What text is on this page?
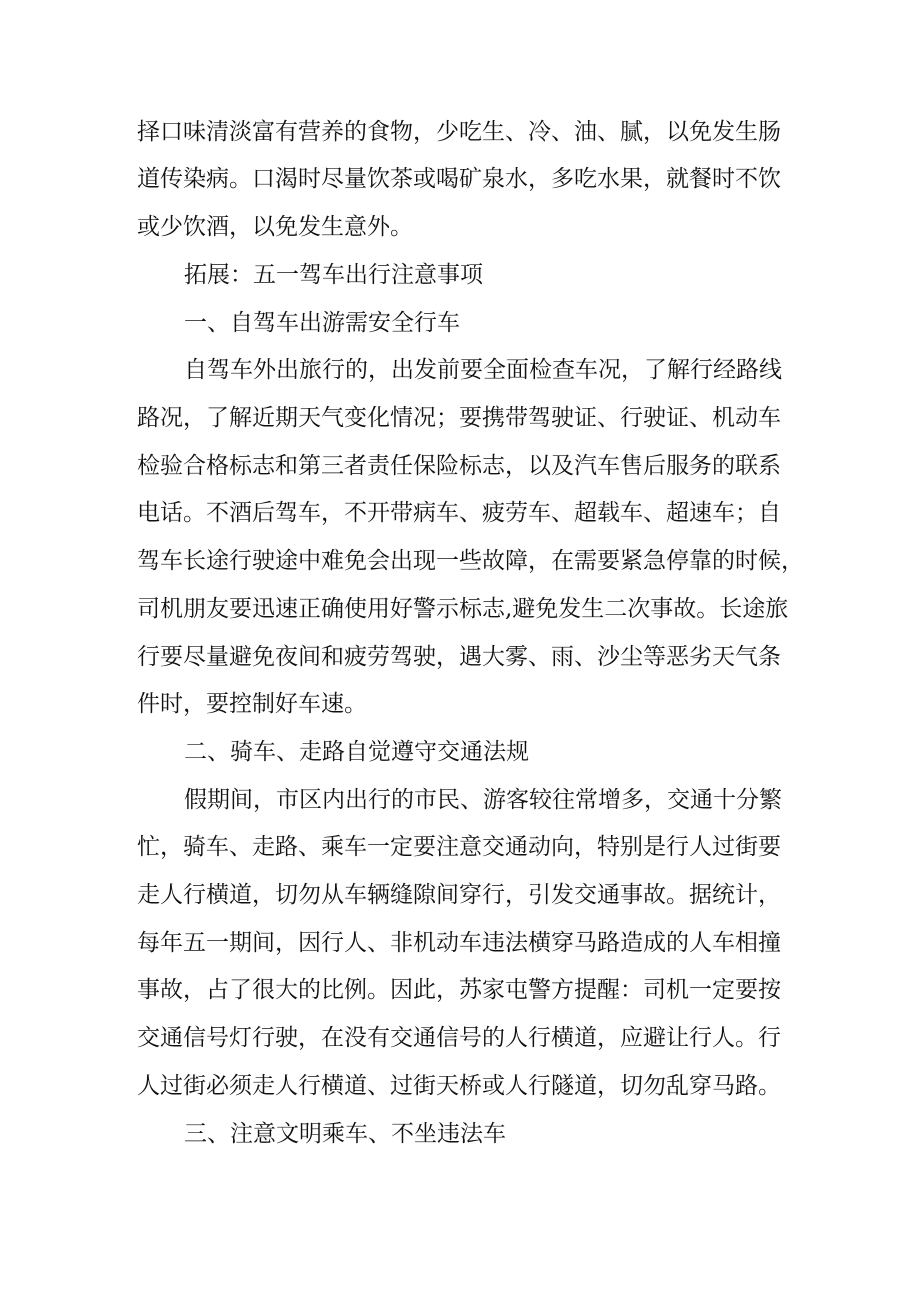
择口味清淡富有营养的食物，少吃生、冷、油、腻，以免发生肠
道传染病。口渴时尽量饮茶或喝矿泉水，多吃水果，就餐时不饮
或少饮酒，以免发生意外。
拓展：五一驾车出行注意事项
一、自驾车出游需安全行车
自驾车外出旅行的，出发前要全面检查车况，了解行经路线
路况，了解近期天气变化情况；要携带驾驶证、行驶证、机动车
检验合格标志和第三者责任保险标志，以及汽车售后服务的联系
电话。不酒后驾车，不开带病车、疲劳车、超载车、超速车；自
驾车长途行驶途中难免会出现一些故障，在需要紧急停靠的时候，
司机朋友要迅速正确使用好警示标志,避免发生二次事故。长途旅
行要尽量避免夜间和疲劳驾驶，遇大雾、雨、沙尘等恶劣天气条
件时，要控制好车速。
二、骑车、走路自觉遵守交通法规
假期间，市区内出行的市民、游客较往常增多，交通十分繁
忙，骑车、走路、乘车一定要注意交通动向，特别是行人过街要
走人行横道，切勿从车辆缝隙间穿行，引发交通事故。据统计，
每年五一期间，因行人、非机动车违法横穿马路造成的人车相撞
事故，占了很大的比例。因此，苏家屯警方提醒：司机一定要按
交通信号灯行驶，在没有交通信号的人行横道，应避让行人。行
人过街必须走人行横道、过街天桥或人行隧道，切勿乱穿马路。
三、注意文明乘车、不坐违法车
